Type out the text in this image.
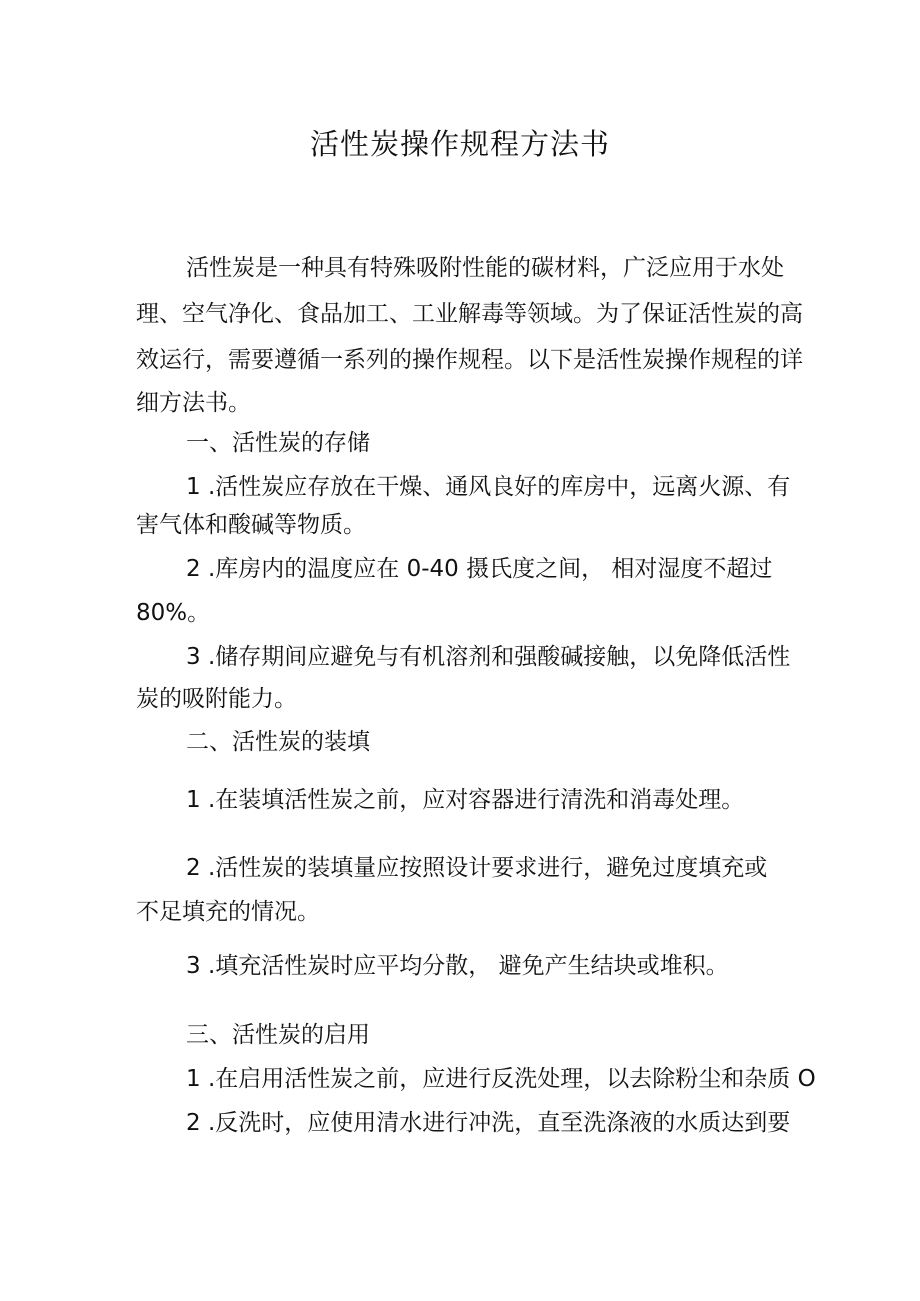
活性炭操作规程方法书

活性炭是一种具有特殊吸附性能的碳材料，广泛应用于水处

理、空气净化、食品加工、工业解毒等领域。为了保证活性炭的高

效运行，需要遵循一系列的操作规程。以下是活性炭操作规程的详

细方法书。

一、活性炭的存储

1 .活性炭应存放在干燥、通风良好的库房中，远离火源、有

害气体和酸碱等物质。

2 .库房内的温度应在 0-40 摄氏度之间， 相对湿度不超过

80%。

3 .储存期间应避免与有机溶剂和强酸碱接触，以免降低活性

炭的吸附能力。

二、活性炭的装填

1 .在装填活性炭之前，应对容器进行清洗和消毒处理。

2 .活性炭的装填量应按照设计要求进行，避免过度填充或

不足填充的情况。

3 .填充活性炭时应平均分散， 避免产生结块或堆积。

三、活性炭的启用

1 .在启用活性炭之前，应进行反洗处理，以去除粉尘和杂质 O

2 .反洗时，应使用清水进行冲洗，直至洗涤液的水质达到要
